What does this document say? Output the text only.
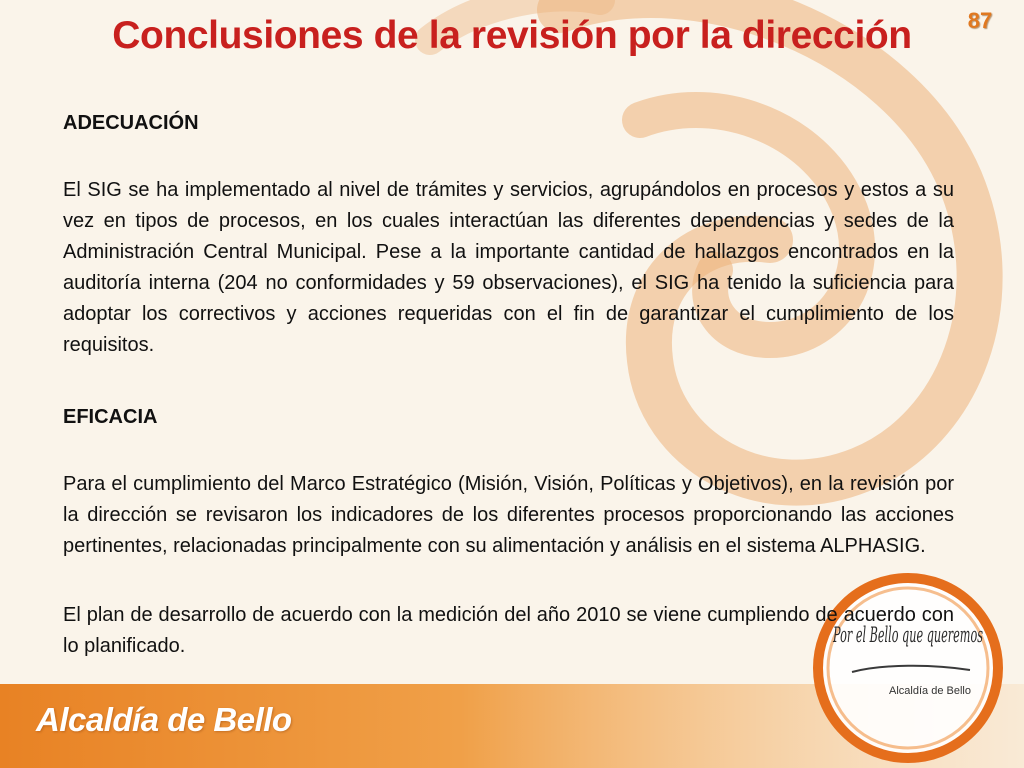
Conclusiones de la revisión por la dirección	87
ADECUACIÓN
El SIG se ha implementado al nivel de trámites y servicios, agrupándolos en procesos y estos a su vez en tipos de procesos, en los cuales interactúan las diferentes dependencias y sedes de la Administración Central Municipal. Pese a la importante cantidad de hallazgos encontrados en la auditoría interna (204 no conformidades y 59 observaciones), el SIG ha tenido la suficiencia para adoptar los correctivos y acciones requeridas con el fin de garantizar el cumplimiento de los requisitos.
EFICACIA
Para el cumplimiento del Marco Estratégico (Misión, Visión, Políticas y Objetivos), en la revisión por la dirección se revisaron los indicadores de los diferentes procesos proporcionando las acciones pertinentes, relacionadas principalmente con su alimentación y análisis en el sistema ALPHASIG.
El plan de desarrollo de acuerdo con la medición del año 2010 se viene cumpliendo de acuerdo con lo planificado.
Alcaldía de Bello
Por el Bello que queremos
Alcaldía de Bello
